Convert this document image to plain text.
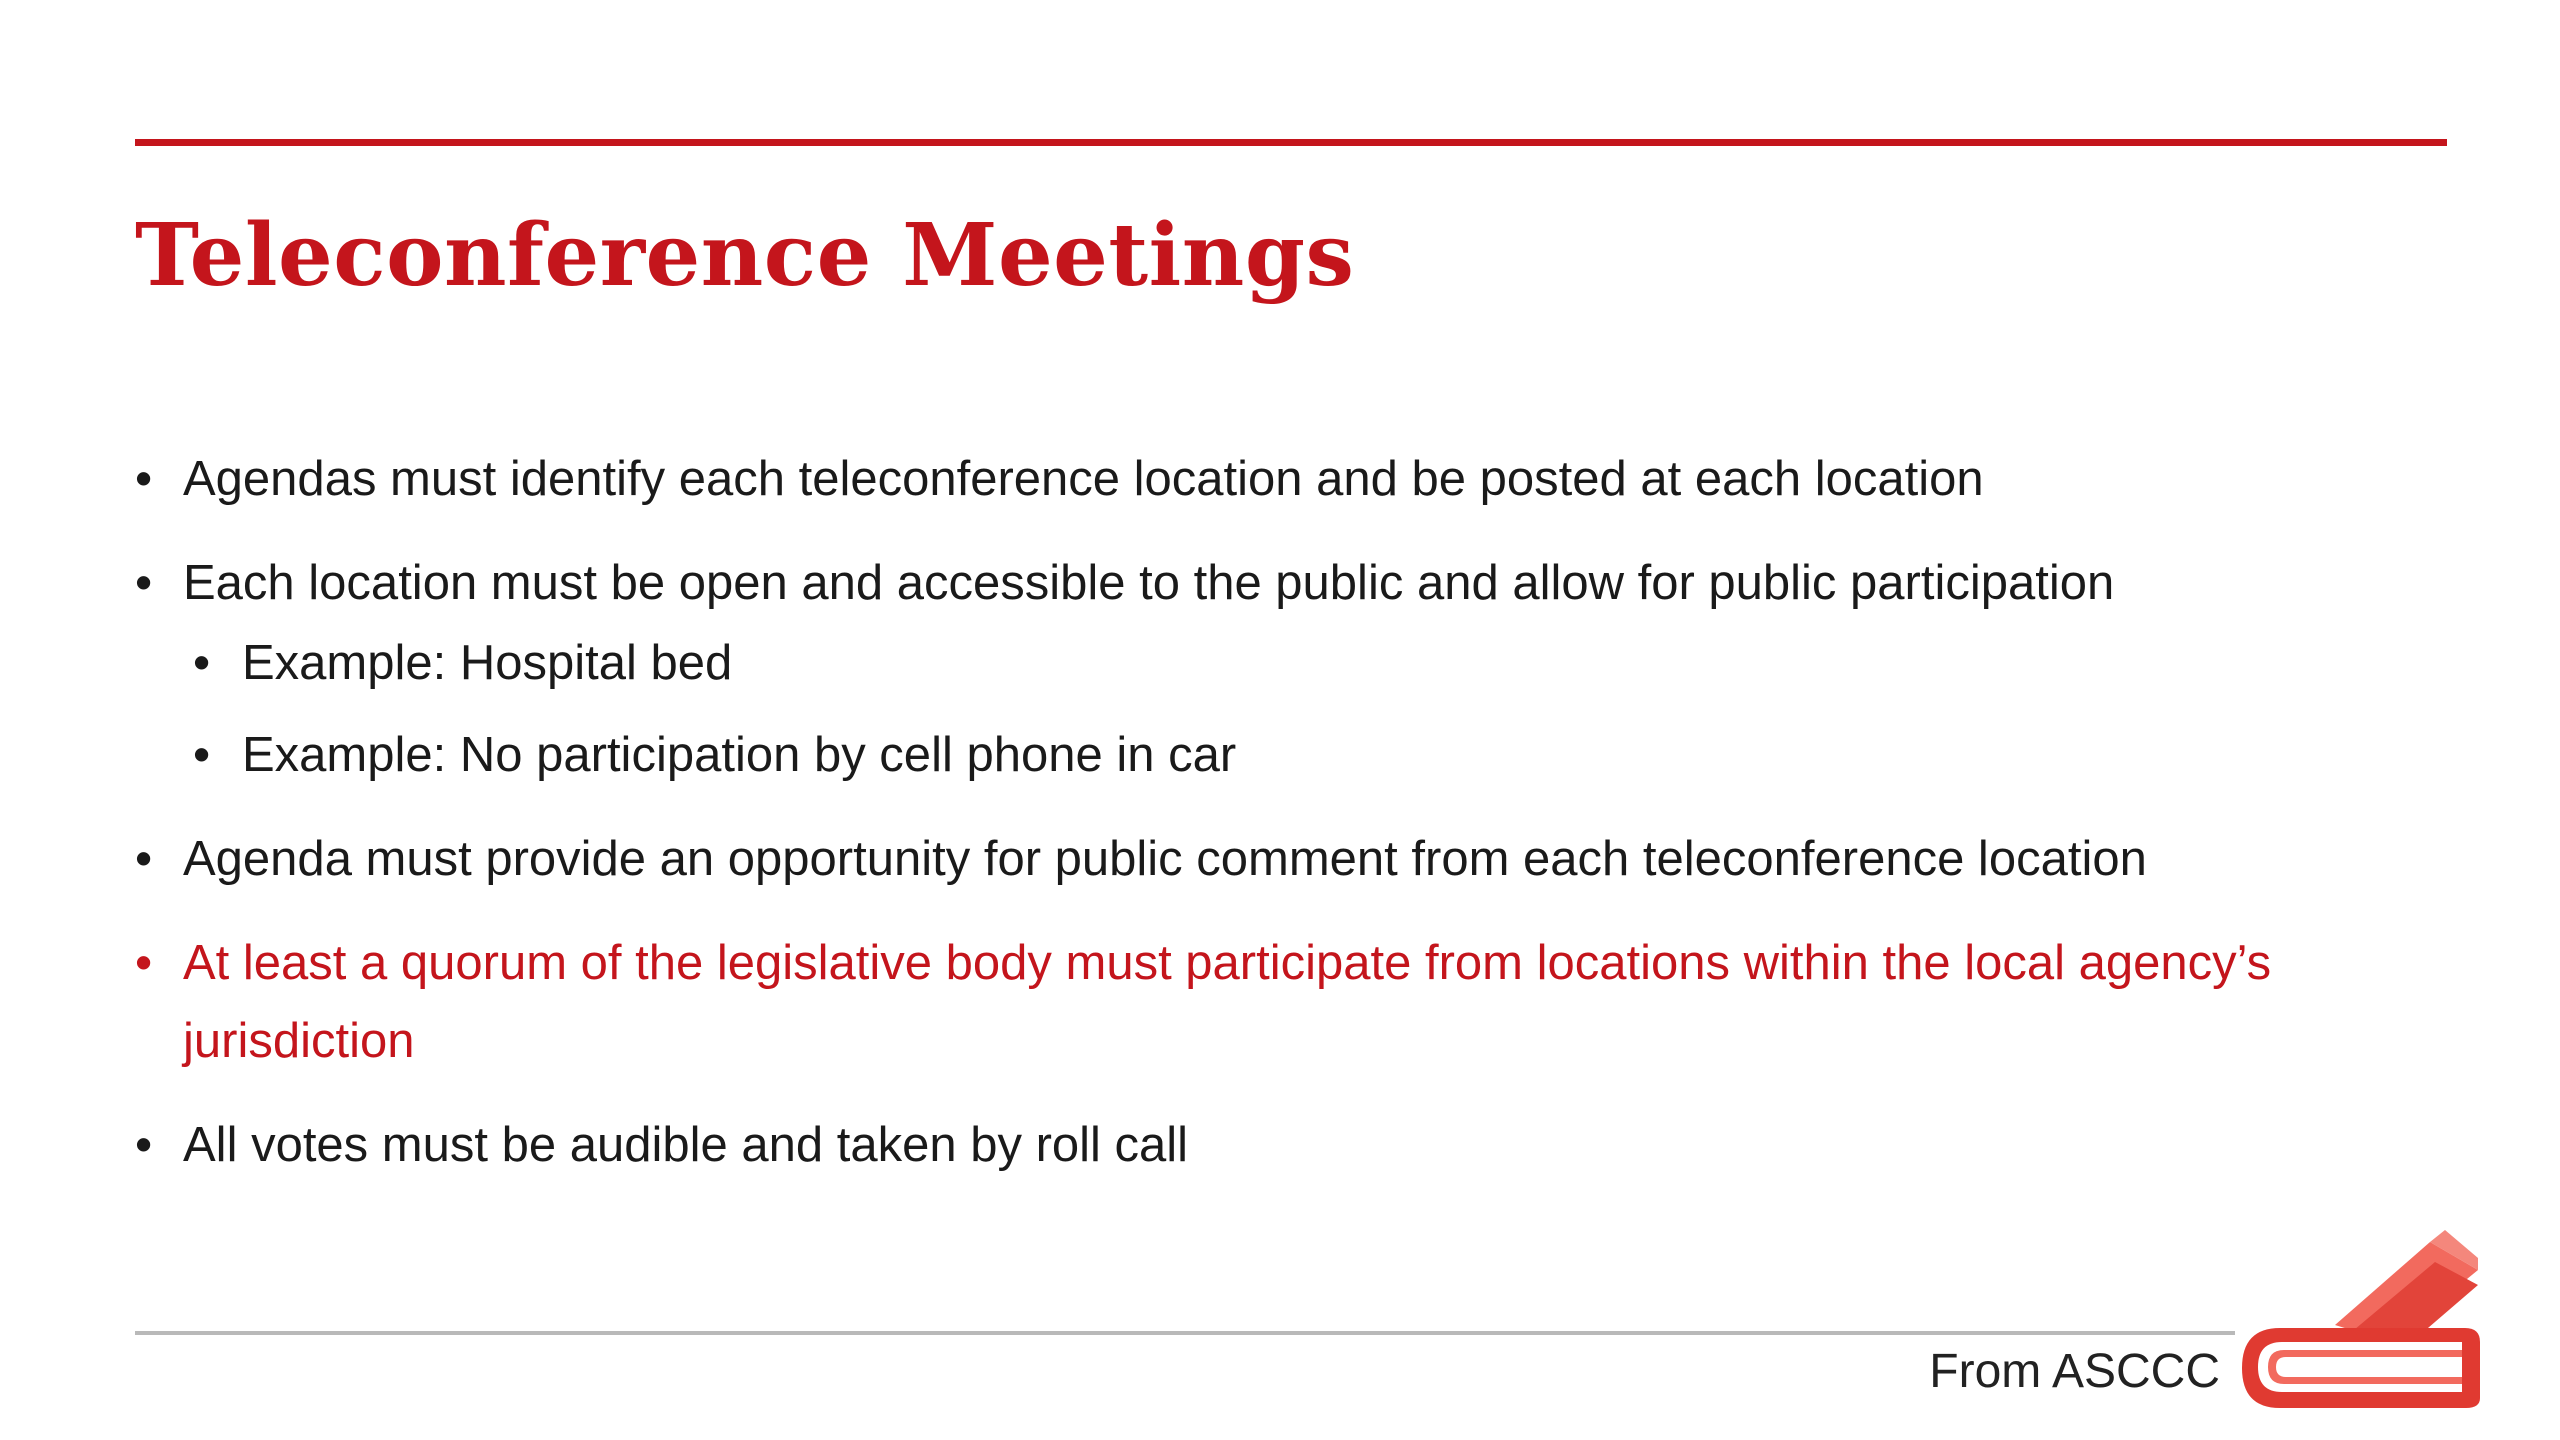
Teleconference Meetings
• Agendas must identify each teleconference location and be posted at each location
• Each location must be open and accessible to the public and allow for public participation
• Example: Hospital bed
• Example: No participation by cell phone in car
• Agenda must provide an opportunity for public comment from each teleconference location
• At least a quorum of the legislative body must participate from locations within the local agency’s jurisdiction
• All votes must be audible and taken by roll call
From ASCCC
